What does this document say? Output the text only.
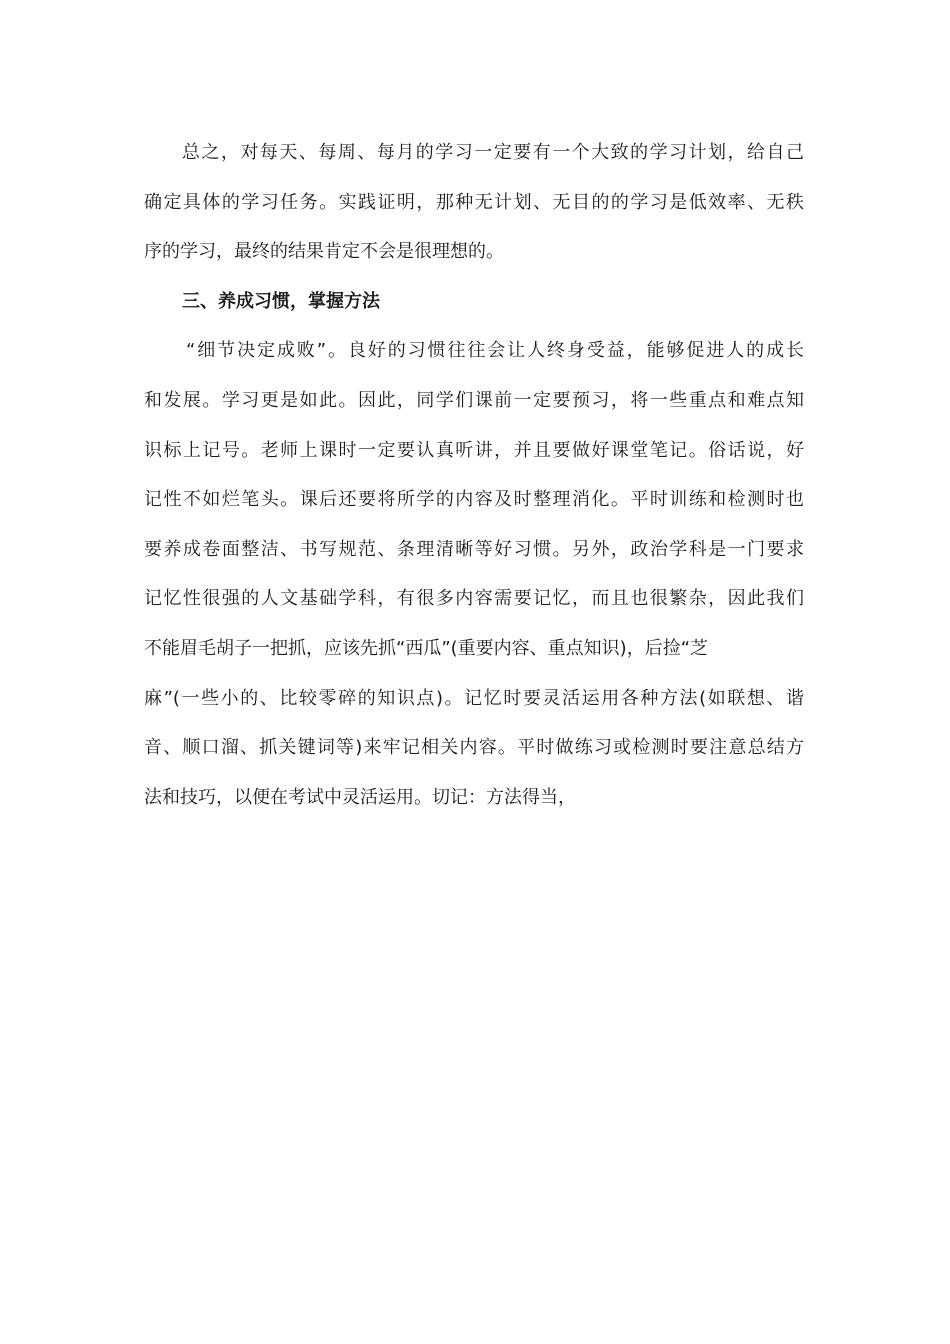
总之，对每天、每周、每月的学习一定要有一个大致的学习计划，给自己
确定具体的学习任务。实践证明，那种无计划、无目的的学习是低效率、无秩
序的学习，最终的结果肯定不会是很理想的。
三、养成习惯，掌握方法
“细节决定成败”。良好的习惯往往会让人终身受益，能够促进人的成长
和发展。学习更是如此。因此，同学们课前一定要预习，将一些重点和难点知
识标上记号。老师上课时一定要认真听讲，并且要做好课堂笔记。俗话说，好
记性不如烂笔头。课后还要将所学的内容及时整理消化。平时训练和检测时也
要养成卷面整洁、书写规范、条理清晰等好习惯。另外，政治学科是一门要求
记忆性很强的人文基础学科，有很多内容需要记忆，而且也很繁杂，因此我们
不能眉毛胡子一把抓，应该先抓“西瓜”(重要内容、重点知识)，后捡“芝
麻”(一些小的、比较零碎的知识点)。记忆时要灵活运用各种方法(如联想、谐
音、顺口溜、抓关键词等)来牢记相关内容。平时做练习或检测时要注意总结方
法和技巧，以便在考试中灵活运用。切记：方法得当，
